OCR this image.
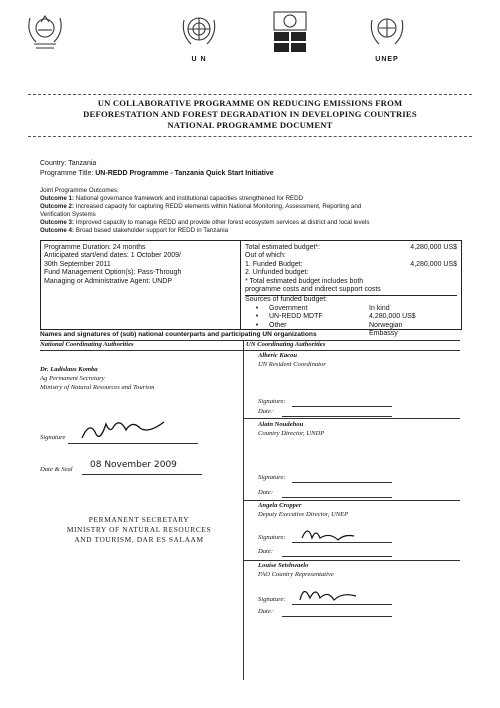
U N	UNEP
UN COLLABORATIVE PROGRAMME ON REDUCING EMISSIONS FROM
DEFORESTATION AND FOREST DEGRADATION IN DEVELOPING COUNTRIES
NATIONAL PROGRAMME DOCUMENT
Country: Tanzania
Programme Title: UN-REDD Programme - Tanzania Quick Start Initiative
Joint Programme Outcomes:
Outcome 1: National governance framework and institutional capacities strengthened for REDD
Outcome 2: Increased capacity for capturing REDD elements within National Monitoring, Assessment, Reporting and
Verification Systems
Outcome 3: Improved capacity to manage REDD and provide other forest ecosystem services at district and local levels
Outcome 4: Broad based stakeholder support for REDD in Tanzania
Programme Duration: 24 months
Anticipated start/end dates: 1 October 2009/
30th September 2011
Fund Management Option(s): Pass-Through
Managing or Administrative Agent: UNDP
Total estimated budget*:	4,280,000 US$
Out of which:
1. Funded Budget:	4,280,000 US$
2. Unfunded budget:
* Total estimated budget includes both
programme costs and indirect support costs
Sources of funded budget:
•	Government	In kind
•	UN-REDD MDTF	4,280,000 US$
•	Other	Norwegian
Embassy
Names and signatures of (sub) national counterparts and participating UN organizations
National Coordinating Authorities	UN Coordinating Authorities
Dr. Ladislaus Komba
Ag Permanent Secretary
Ministry of Natural Resources and Tourism
Signature
Date & Seal 08 November 2009
PERMANENT SECRETARY
MINISTRY OF NATURAL RESOURCES
AND TOURISM, DAR ES SALAAM
Alberic Kacou
UN Resident Coordinator
Signature:
Date:
Alain Noudehou
Country Director, UNDP
Signature:
Date:
Angela Cropper
Deputy Executive Director, UNEP
Signature:
Date:
Louise Setshwaelo
FAO Country Representative
Signature:
Date:
